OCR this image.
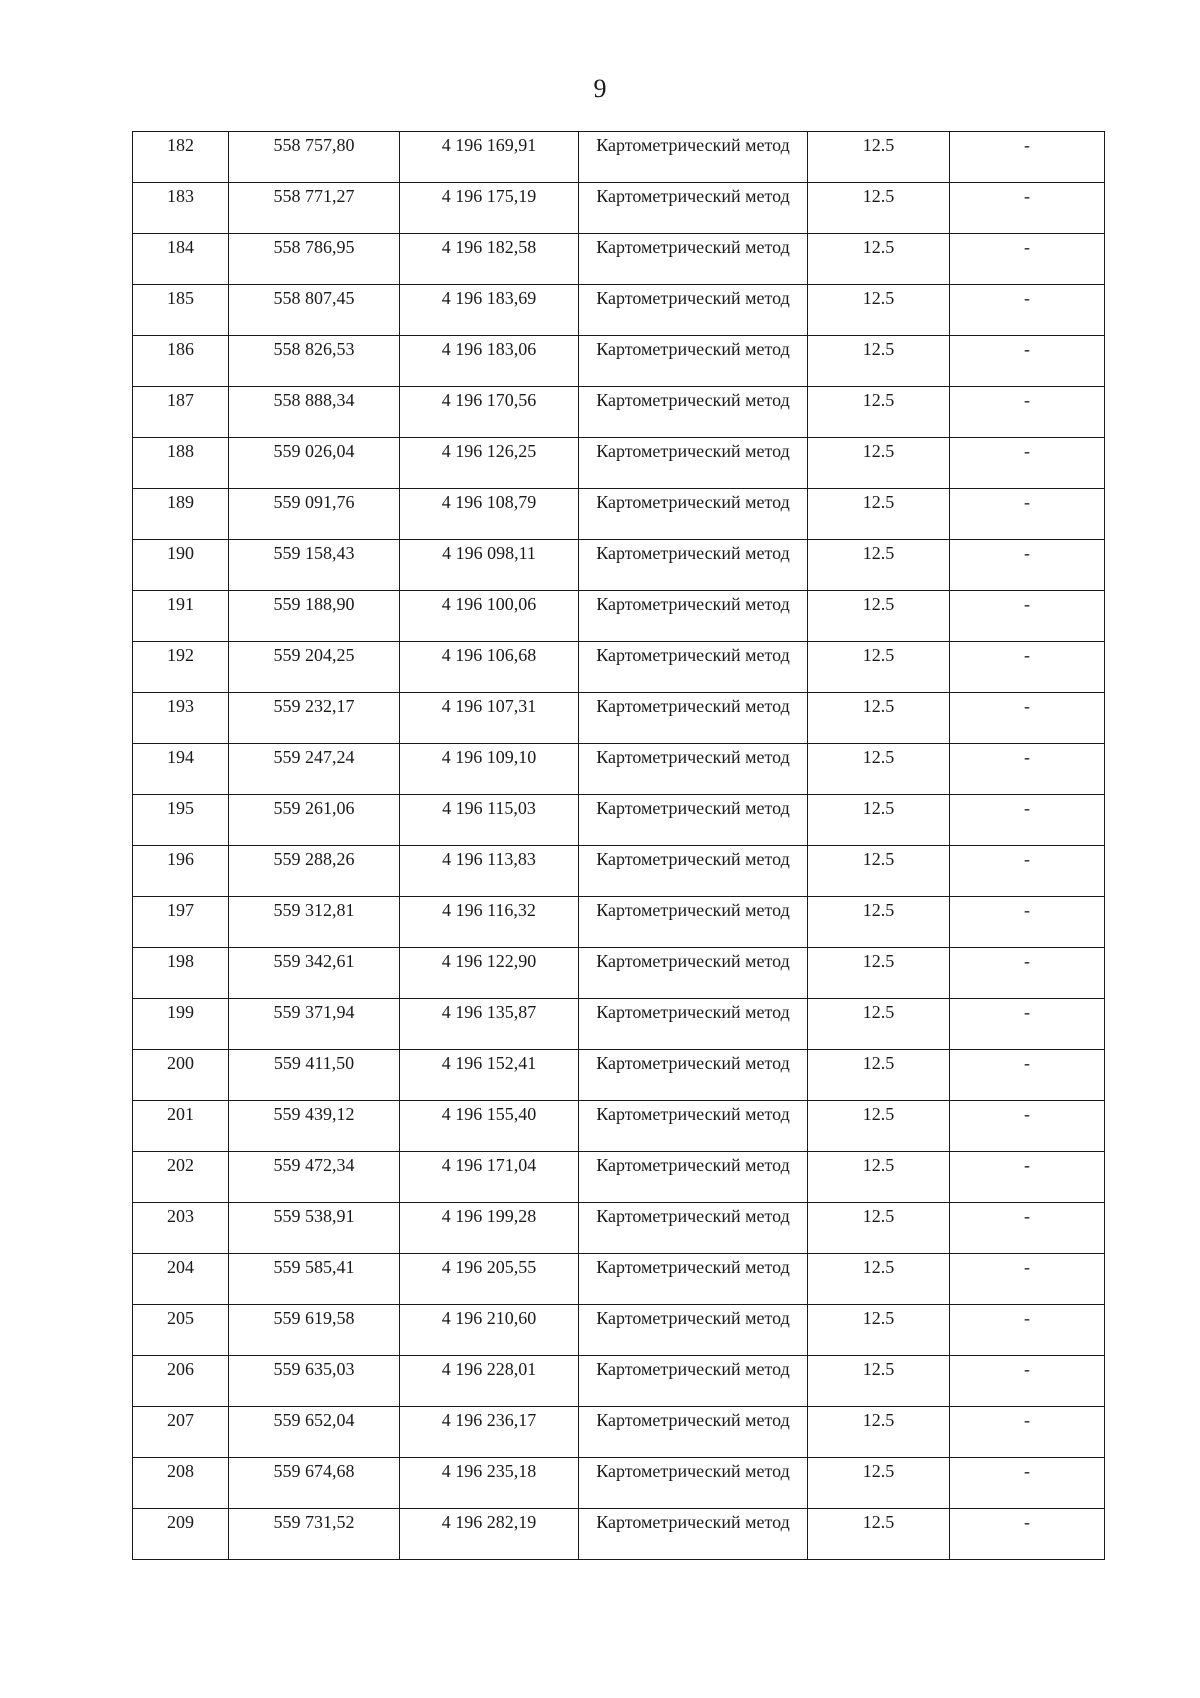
9
182	558 757,80	4 196 169,91	Картометрический метод	12.5	-
183	558 771,27	4 196 175,19	Картометрический метод	12.5	-
184	558 786,95	4 196 182,58	Картометрический метод	12.5	-
185	558 807,45	4 196 183,69	Картометрический метод	12.5	-
186	558 826,53	4 196 183,06	Картометрический метод	12.5	-
187	558 888,34	4 196 170,56	Картометрический метод	12.5	-
188	559 026,04	4 196 126,25	Картометрический метод	12.5	-
189	559 091,76	4 196 108,79	Картометрический метод	12.5	-
190	559 158,43	4 196 098,11	Картометрический метод	12.5	-
191	559 188,90	4 196 100,06	Картометрический метод	12.5	-
192	559 204,25	4 196 106,68	Картометрический метод	12.5	-
193	559 232,17	4 196 107,31	Картометрический метод	12.5	-
194	559 247,24	4 196 109,10	Картометрический метод	12.5	-
195	559 261,06	4 196 115,03	Картометрический метод	12.5	-
196	559 288,26	4 196 113,83	Картометрический метод	12.5	-
197	559 312,81	4 196 116,32	Картометрический метод	12.5	-
198	559 342,61	4 196 122,90	Картометрический метод	12.5	-
199	559 371,94	4 196 135,87	Картометрический метод	12.5	-
200	559 411,50	4 196 152,41	Картометрический метод	12.5	-
201	559 439,12	4 196 155,40	Картометрический метод	12.5	-
202	559 472,34	4 196 171,04	Картометрический метод	12.5	-
203	559 538,91	4 196 199,28	Картометрический метод	12.5	-
204	559 585,41	4 196 205,55	Картометрический метод	12.5	-
205	559 619,58	4 196 210,60	Картометрический метод	12.5	-
206	559 635,03	4 196 228,01	Картометрический метод	12.5	-
207	559 652,04	4 196 236,17	Картометрический метод	12.5	-
208	559 674,68	4 196 235,18	Картометрический метод	12.5	-
209	559 731,52	4 196 282,19	Картометрический метод	12.5	-
